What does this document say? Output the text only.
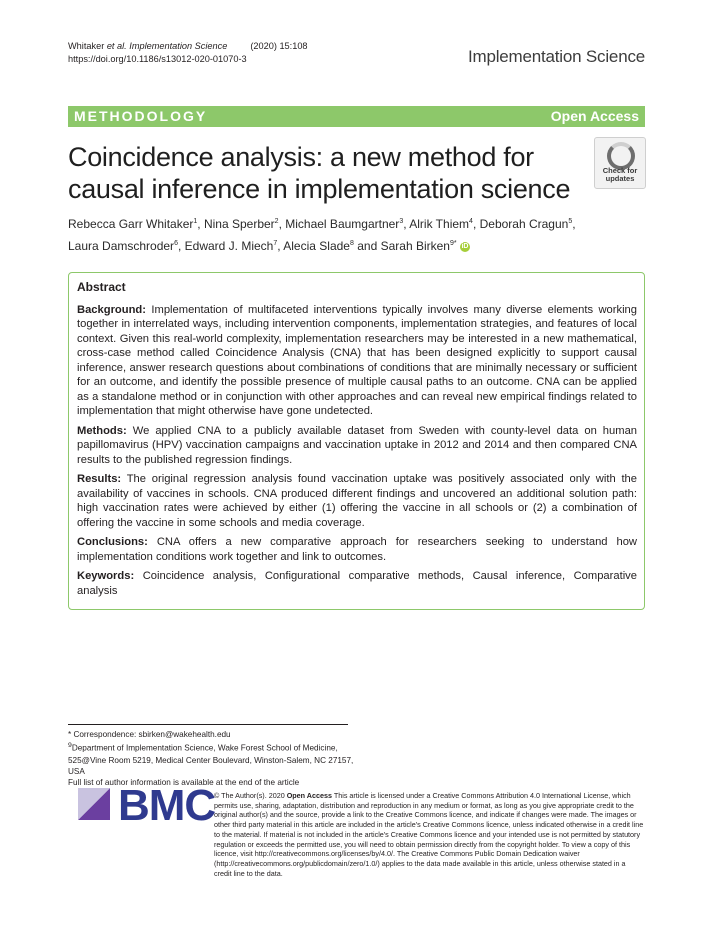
Whitaker et al. Implementation Science (2020) 15:108
https://doi.org/10.1186/s13012-020-01070-3	Implementation Science
METHODOLOGY	Open Access
Coincidence analysis: a new method for causal inference in implementation science
Check for
updates
Rebecca Garr Whitaker$^1$, Nina Sperber$^2$, Michael Baumgartner$^3$, Alrik Thiem$^4$, Deborah Cragun$^5$,
Laura Damschroder$^6$, Edward J. Miech$^7$, Alecia Slade$^8$ and Sarah Birken$^{9*}$ iD
Abstract

Background: Implementation of multifaceted interventions typically involves many diverse elements working together in interrelated ways, including intervention components, implementation strategies, and features of local context. Given this real-world complexity, implementation researchers may be interested in a new mathematical, cross-case method called Coincidence Analysis (CNA) that has been designed explicitly to support causal inference, answer research questions about combinations of conditions that are minimally necessary or sufficient for an outcome, and identify the possible presence of multiple causal paths to an outcome. CNA can be applied as a standalone method or in conjunction with other approaches and can reveal new empirical findings related to implementation that might otherwise have gone undetected.

Methods: We applied CNA to a publicly available dataset from Sweden with county-level data on human papillomavirus (HPV) vaccination campaigns and vaccination uptake in 2012 and 2014 and then compared CNA results to the published regression findings.

Results: The original regression analysis found vaccination uptake was positively associated only with the availability of vaccines in schools. CNA produced different findings and uncovered an additional solution path: high vaccination rates were achieved by either (1) offering the vaccine in all schools or (2) a combination of offering the vaccine in some schools and media coverage.

Conclusions: CNA offers a new comparative approach for researchers seeking to understand how implementation conditions work together and link to outcomes.

Keywords: Coincidence analysis, Configurational comparative methods, Causal inference, Comparative analysis

* Correspondence: sbirken@wakehealth.edu
$^9$Department of Implementation Science, Wake Forest School of Medicine,
525@Vine Room 5219, Medical Center Boulevard, Winston-Salem, NC 27157,
USA
Full list of author information is available at the end of the article
BMC
© The Author(s). 2020 Open Access This article is licensed under a Creative Commons Attribution 4.0 International License, which permits use, sharing, adaptation, distribution and reproduction in any medium or format, as long as you give appropriate credit to the original author(s) and the source, provide a link to the Creative Commons licence, and indicate if changes were made. The images or other third party material in this article are included in the article's Creative Commons licence, unless indicated otherwise in a credit line to the material. If material is not included in the article's Creative Commons licence and your intended use is not permitted by statutory regulation or exceeds the permitted use, you will need to obtain permission directly from the copyright holder. To view a copy of this licence, visit http://creativecommons.org/licenses/by/4.0/. The Creative Commons Public Domain Dedication waiver (http://creativecommons.org/publicdomain/zero/1.0/) applies to the data made available in this article, unless otherwise stated in a credit line to the data.
